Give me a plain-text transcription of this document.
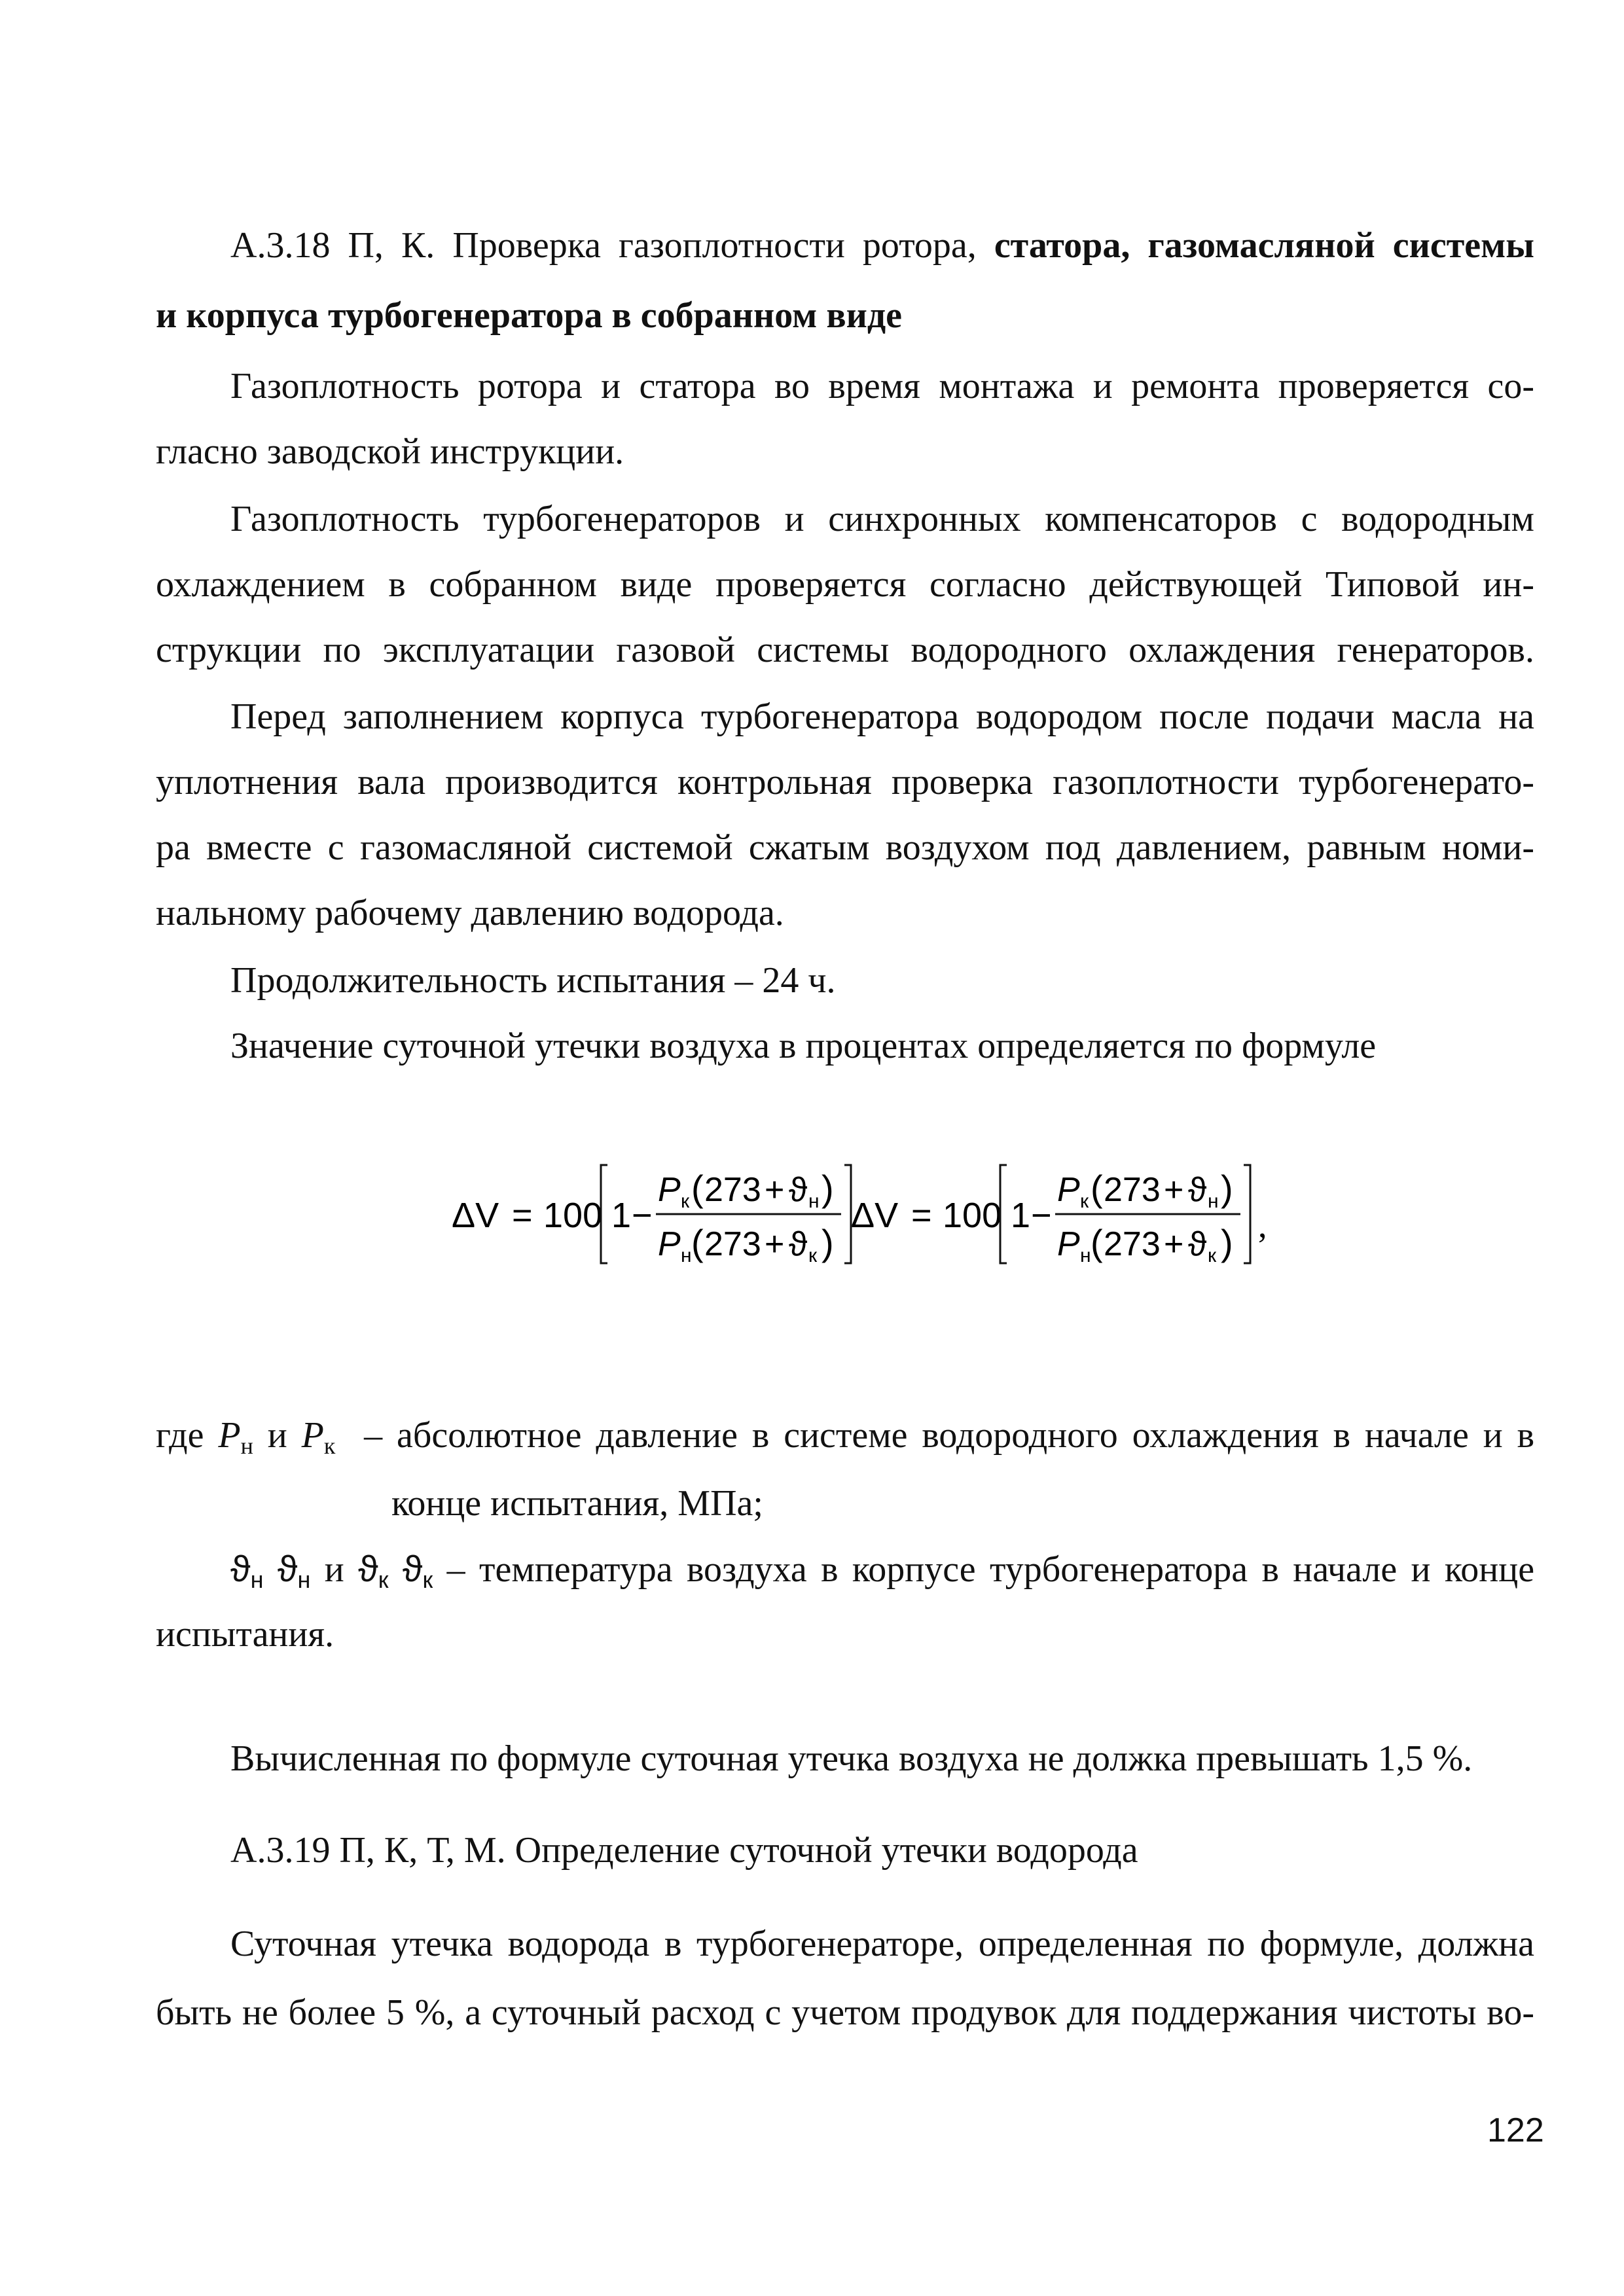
А.3.18 П, К. Проверка газоплотности ротора, статора, газомасляной системы
и корпуса турбогенератора в собранном виде
Газоплотность ротора и статора во время монтажа и ремонта проверяется со-
гласно заводской инструкции.
Газоплотность турбогенераторов и синхронных компенсаторов с водородным
охлаждением в собранном виде проверяется согласно действующей Типовой ин-
струкции по эксплуатации газовой системы водородного охлаждения генераторов.
Перед заполнением корпуса турбогенератора водородом после подачи масла на
уплотнения вала производится контрольная проверка газоплотности турбогенерато-
ра вместе с газомасляной системой сжатым воздухом под давлением, равным номи-
нальному рабочему давлению водорода.
Продолжительность испытания – 24 ч.
Значение суточной утечки воздуха в процентах определяется по формуле
ΔV = 100 1 −
P к ( 273 + ϑ н )
P н ( 273 + ϑ к )
ΔV = 100 1 −
P к ( 273 + ϑ н )
P н ( 273 + ϑ к ) ,
где $P_н$ и $P_к$ – абсолютное давление в системе водородного охлаждения в начале и в
конце испытания, МПа;
$ϑ_н$ $ϑ_н$ и $ϑ_к$ $ϑ_к$ – температура воздуха в корпусе турбогенератора в начале и конце
испытания.
Вычисленная по формуле суточная утечка воздуха не должка превышать 1,5 %.
А.3.19 П, К, Т, М. Определение суточной утечки водорода
Суточная утечка водорода в турбогенераторе, определенная по формуле, должна
быть не более 5 %, а суточный расход с учетом продувок для поддержания чистоты во-
122
